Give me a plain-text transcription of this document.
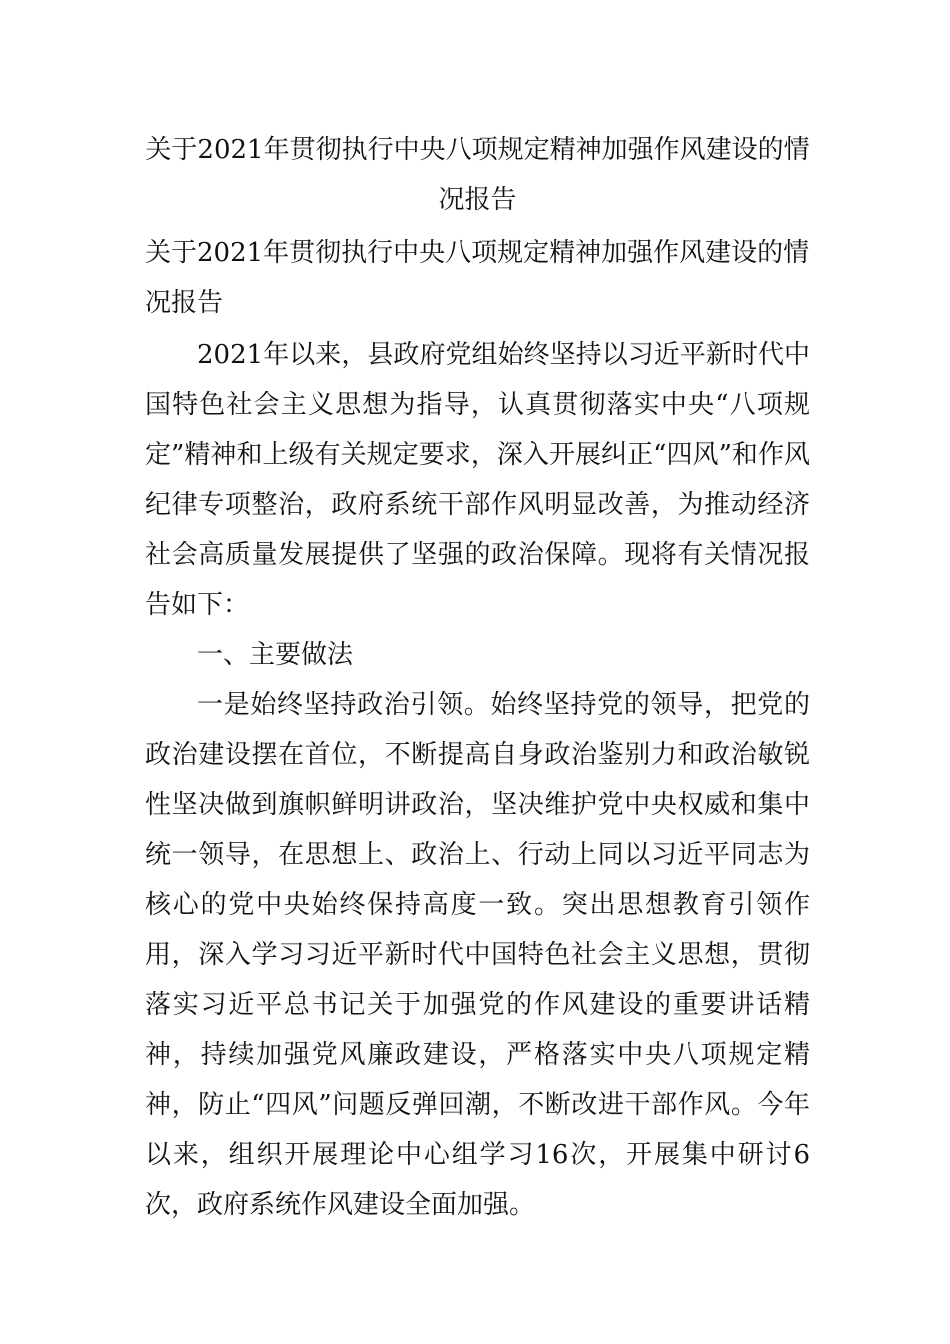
关于2021年贯彻执行中央八项规定精神加强作风建设的情况报告
关于2021年贯彻执行中央八项规定精神加强作风建设的情况报告

2021年以来，县政府党组始终坚持以习近平新时代中国特色社会主义思想为指导，认真贯彻落实中央“八项规定”精神和上级有关规定要求，深入开展纠正“四风”和作风纪律专项整治，政府系统干部作风明显改善，为推动经济社会高质量发展提供了坚强的政治保障。现将有关情况报告如下：

一、主要做法

一是始终坚持政治引领。始终坚持党的领导，把党的政治建设摆在首位，不断提高自身政治鉴别力和政治敏锐性坚决做到旗帜鲜明讲政治，坚决维护党中央权威和集中统一领导，在思想上、政治上、行动上同以习近平同志为核心的党中央始终保持高度一致。突出思想教育引领作用，深入学习习近平新时代中国特色社会主义思想，贯彻落实习近平总书记关于加强党的作风建设的重要讲话精神，持续加强党风廉政建设，严格落实中央八项规定精神，防止“四风”问题反弹回潮，不断改进干部作风。今年以来，组织开展理论中心组学习16次，开展集中研讨6次，政府系统作风建设全面加强。
